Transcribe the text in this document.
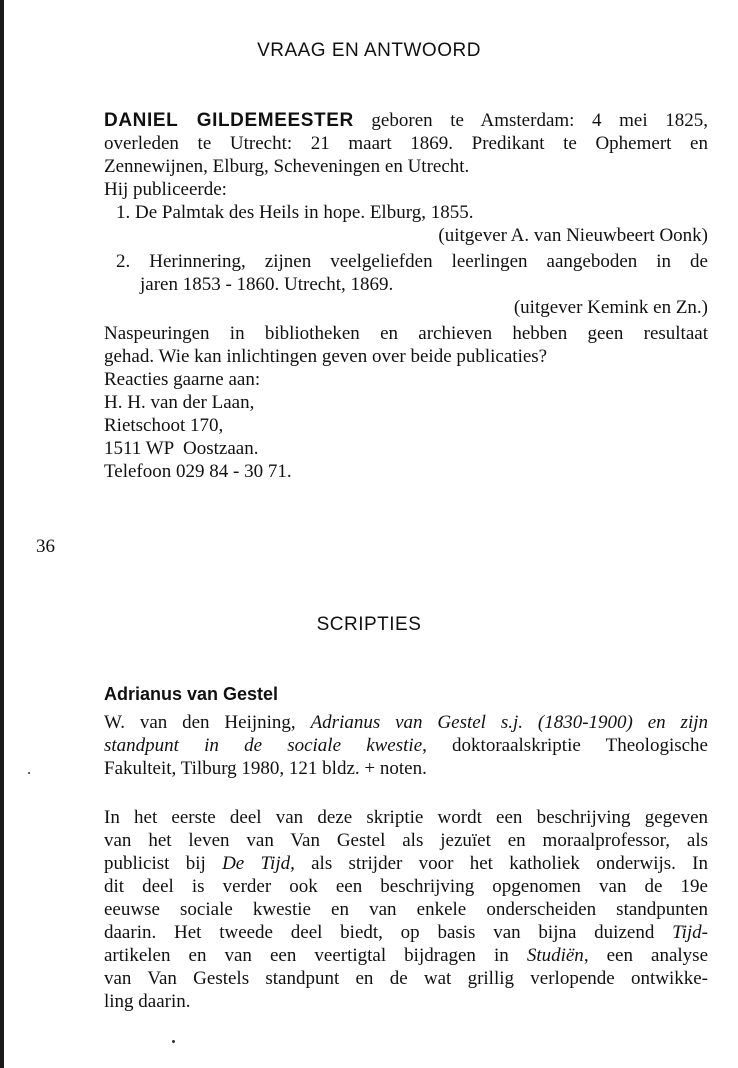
VRAAG EN ANTWOORD
DANIEL GILDEMEESTER geboren te Amsterdam: 4 mei 1825,
overleden te Utrecht: 21 maart 1869. Predikant te Ophemert en
Zennewijnen, Elburg, Scheveningen en Utrecht.
Hij publiceerde:
1. De Palmtak des Heils in hope. Elburg, 1855.
(uitgever A. van Nieuwbeert Oonk)
2. Herinnering, zijnen veelgeliefden leerlingen aangeboden in de
jaren 1853 - 1860. Utrecht, 1869.
(uitgever Kemink en Zn.)
Naspeuringen in bibliotheken en archieven hebben geen resultaat
gehad. Wie kan inlichtingen geven over beide publicaties?
Reacties gaarne aan:
H. H. van der Laan,
Rietschoot 170,
1511 WP  Oostzaan.
Telefoon 029 84 - 30 71.
36
SCRIPTIES
Adrianus van Gestel
W. van den Heijning, Adrianus van Gestel s.j. (1830-1900) en zijn
standpunt in de sociale kwestie, doktoraalskriptie Theologische
Fakulteit, Tilburg 1980, 121 bldz. + noten.
In het eerste deel van deze skriptie wordt een beschrijving gegeven
van het leven van Van Gestel als jezuïet en moraalprofessor, als
publicist bij De Tijd, als strijder voor het katholiek onderwijs. In
dit deel is verder ook een beschrijving opgenomen van de 19e
eeuwse sociale kwestie en van enkele onderscheiden standpunten
daarin. Het tweede deel biedt, op basis van bijna duizend Tijd-
artikelen en van een veertigtal bijdragen in Studiën, een analyse
van Van Gestels standpunt en de wat grillig verlopende ontwikke-
ling daarin.
